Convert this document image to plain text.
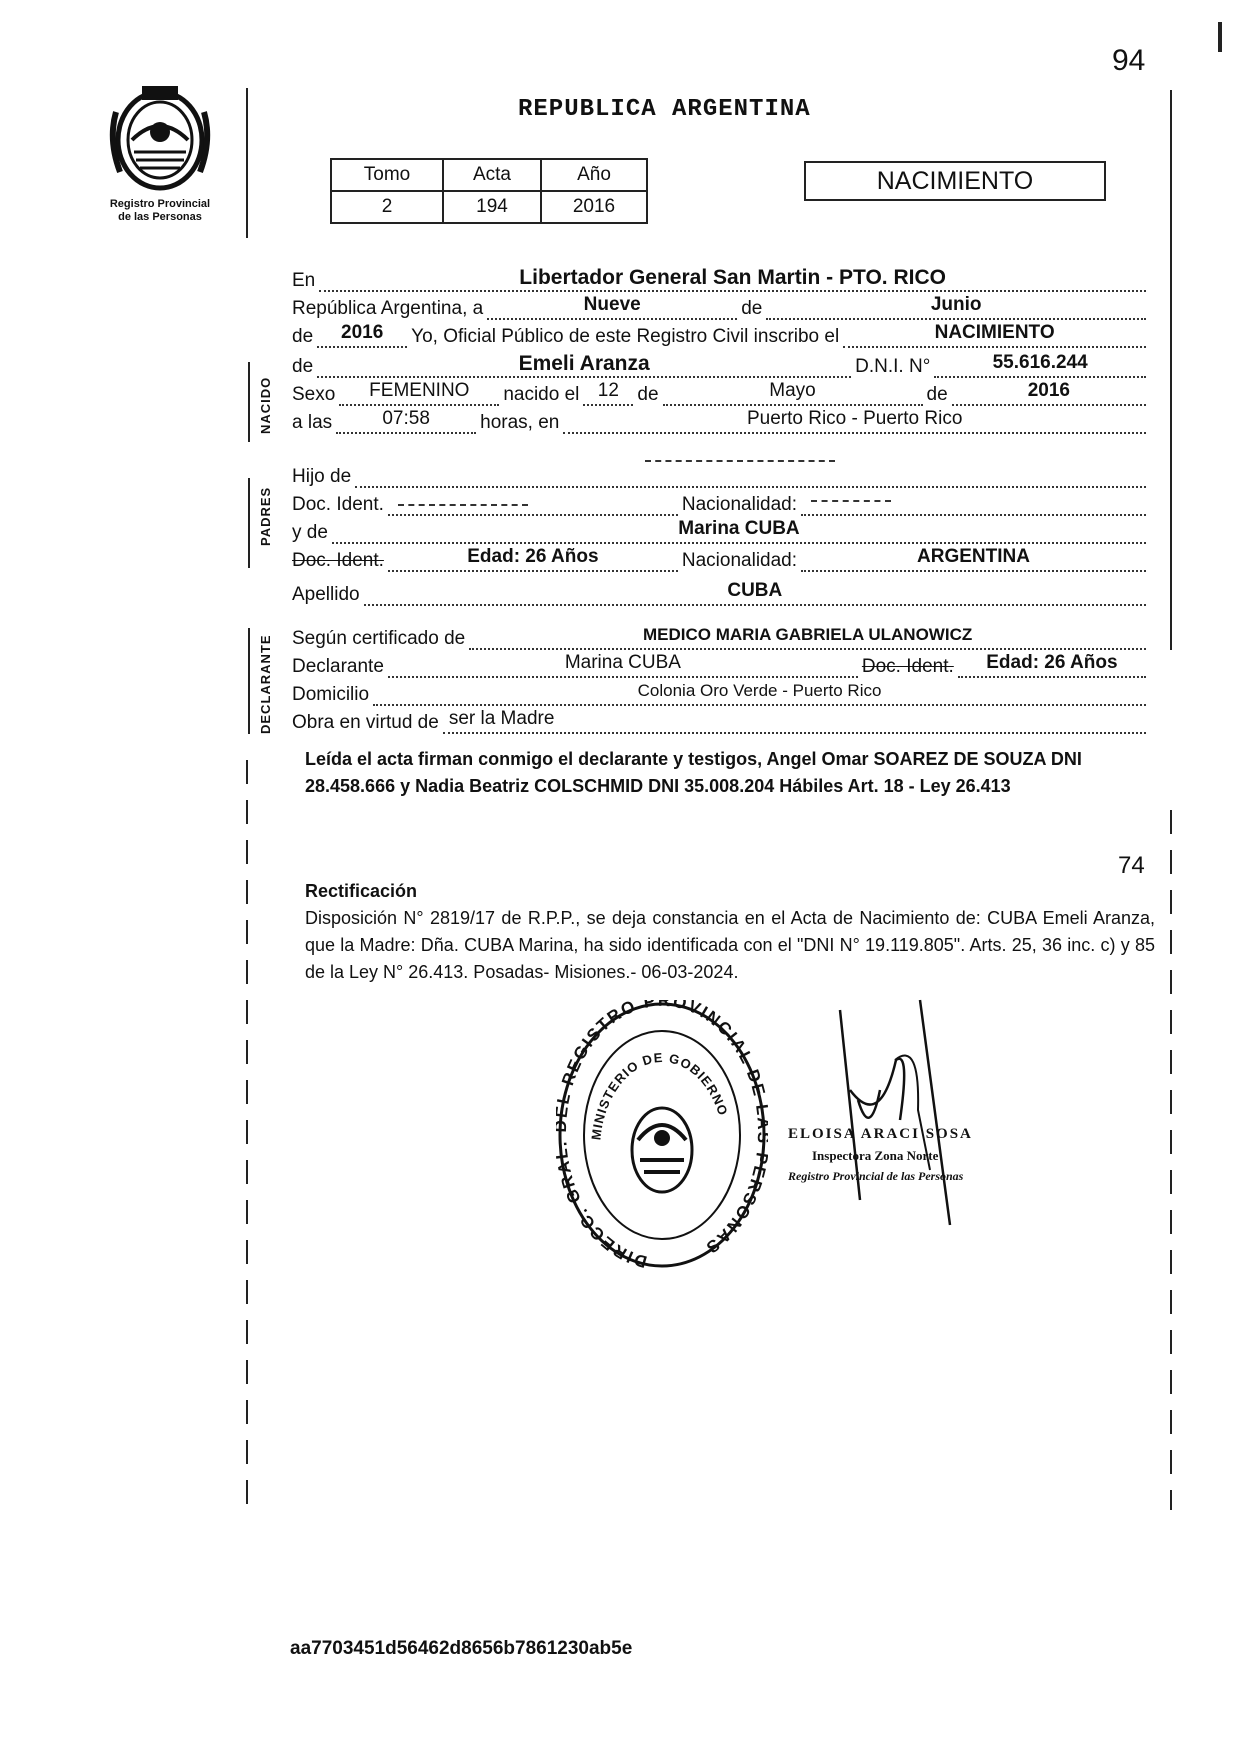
94
Registro Provincial
de las Personas
REPUBLICA ARGENTINA
Tomo	Acta	Año
2	194	2016
NACIMIENTO
NACIDO
PADRES
DECLARANTE
En	Libertador General San Martin - PTO. RICO
República Argentina, a	Nueve	de	Junio
de	2016	Yo, Oficial Público de este Registro Civil inscribo el	NACIMIENTO
de	Emeli Aranza	D.N.I. N°	55.616.244
Sexo	FEMENINO	nacido el 12 de	Mayo	de	2016
a las	07:58	horas, en	Puerto Rico - Puerto Rico
Hijo de
Doc. Ident.	Nacionalidad:
y de	Marina CUBA
Doc. Ident.	Edad: 26 Años	Nacionalidad:	ARGENTINA
Apellido	CUBA
Según certificado de	MEDICO MARIA GABRIELA ULANOWICZ
Declarante	Marina CUBA	Doc. Ident.	Edad: 26 Años
Domicilio	Colonia Oro Verde - Puerto Rico
Obra en virtud de ser la Madre
Leída el acta firman conmigo el declarante y testigos, Angel Omar SOAREZ DE SOUZA DNI 28.458.666 y Nadia Beatriz COLSCHMID DNI 35.008.204 Hábiles Art. 18 - Ley 26.413
74
Rectificación
Disposición N° 2819/17 de R.P.P., se deja constancia en el Acta de Nacimiento de: CUBA Emeli Aranza, que la Madre: Dña. CUBA Marina, ha sido identificada con el "DNI N° 19.119.805". Arts. 25, 36 inc. c) y 85 de la Ley N° 26.413. Posadas- Misiones.- 06-03-2024.
DIRECC. GR REGISTRO PROVINCIAL DE ERSONAS
MINISTERIO DE GOBIERNO
ELOISA ARACI SOSA
Inspectora Zona Norte
Registro Provincial de las Personas
aa7703451d56462d8656b7861230ab5e
